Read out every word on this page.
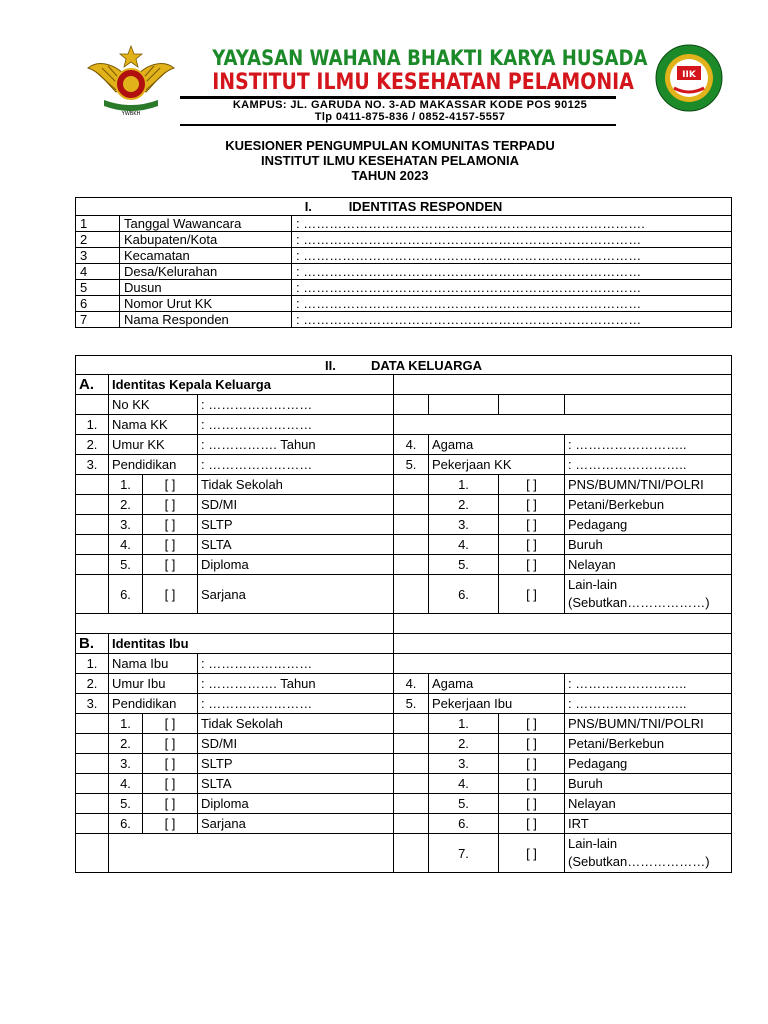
YWBKH
YAYASAN WAHANA BHAKTI KARYA HUSADA
INSTITUT ILMU KESEHATAN PELAMONIA
KAMPUS: JL. GARUDA NO. 3-AD MAKASSAR KODE POS 90125
Tlp 0411-875-836 / 0852-4157-5557
IIK
KUESIONER PENGUMPULAN KOMUNITAS TERPADU
INSTITUT ILMU KESEHATAN PELAMONIA
TAHUN 2023
I. IDENTITAS RESPONDEN		
1	Tanggal Wawancara	: …………………………………………………………………….
2	Kabupaten/Kota	: ……………………………………………………………………
3	Kecamatan	: ……………………………………………………………………
4	Desa/Kelurahan	: ……………………………………………………………………
5	Dusun	: ……………………………………………………………………
6	Nomor Urut KK	: ……………………………………………………………………
7	Nama Responden	: ……………………………………………………………………
II. DATA KELUARGA							
A.	Identitas Kepala Keluarga						
	No KK		: ……………………				
1.	Nama KK		: ……………………				
2.	Umur KK		: ……………. Tahun	4.	Agama		: ……………………..
3.	Pendidikan		: ……………………	5.	Pekerjaan KK		: ……………………..
	1.	[ ]	Tidak Sekolah		1.	[ ]	PNS/BUMN/TNI/POLRI
	2.	[ ]	SD/MI		2.	[ ]	Petani/Berkebun
	3.	[ ]	SLTP		3.	[ ]	Pedagang
	4.	[ ]	SLTA		4.	[ ]	Buruh
	5.	[ ]	Diploma		5.	[ ]	Nelayan
	6.	[ ]	Sarjana		6.	[ ]	Lain-lain
(Sebutkan………………)

B.	Identitas Ibu						
1.	Nama Ibu		: ……………………				
2.	Umur Ibu		: ……………. Tahun	4.	Agama		: ……………………..
3.	Pendidikan		: ……………………	5.	Pekerjaan Ibu		: ……………………..
	1.	[ ]	Tidak Sekolah		1.	[ ]	PNS/BUMN/TNI/POLRI
	2.	[ ]	SD/MI		2.	[ ]	Petani/Berkebun
	3.	[ ]	SLTP		3.	[ ]	Pedagang
	4.	[ ]	SLTA		4.	[ ]	Buruh
	5.	[ ]	Diploma		5.	[ ]	Nelayan
	6.	[ ]	Sarjana		6.	[ ]	IRT
					7.	[ ]	Lain-lain
(Sebutkan………………)
